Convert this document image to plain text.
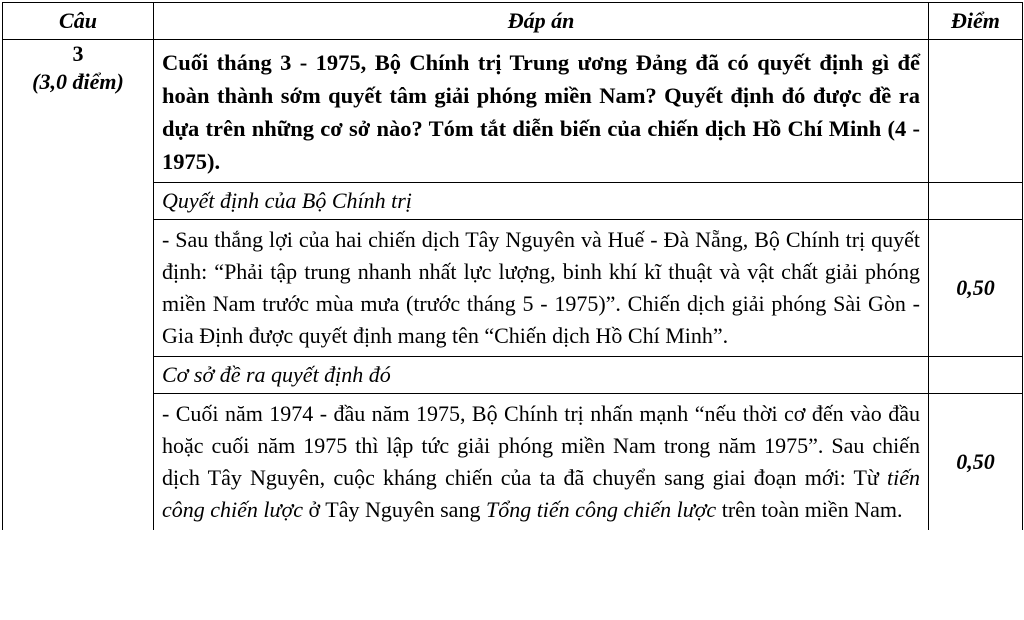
Câu	Đáp án	Điểm

3
(3,0 điểm)	Cuối tháng 3 - 1975, Bộ Chính trị Trung ương Đảng đã có quyết định gì để hoàn thành sớm quyết tâm giải phóng miền Nam? Quyết định đó được đề ra dựa trên những cơ sở nào? Tóm tắt diễn biến của chiến dịch Hồ Chí Minh (4 - 1975).	

	Quyết định của Bộ Chính trị	

	- Sau thắng lợi của hai chiến dịch Tây Nguyên và Huế - Đà Nẵng, Bộ Chính trị quyết định: “Phải tập trung nhanh nhất lực lượng, binh khí kĩ thuật và vật chất giải phóng miền Nam trước mùa mưa (trước tháng 5 - 1975)”. Chiến dịch giải phóng Sài Gòn - Gia Định được quyết định mang tên “Chiến dịch Hồ Chí Minh”.	0,50

	Cơ sở đề ra quyết định đó	

	- Cuối năm 1974 - đầu năm 1975, Bộ Chính trị nhấn mạnh “nếu thời cơ đến vào đầu hoặc cuối năm 1975 thì lập tức giải phóng miền Nam trong năm 1975”. Sau chiến dịch Tây Nguyên, cuộc kháng chiến của ta đã chuyển sang giai đoạn mới: Từ tiến công chiến lược ở Tây Nguyên sang Tổng tiến công chiến lược trên toàn miền Nam.	0,50
